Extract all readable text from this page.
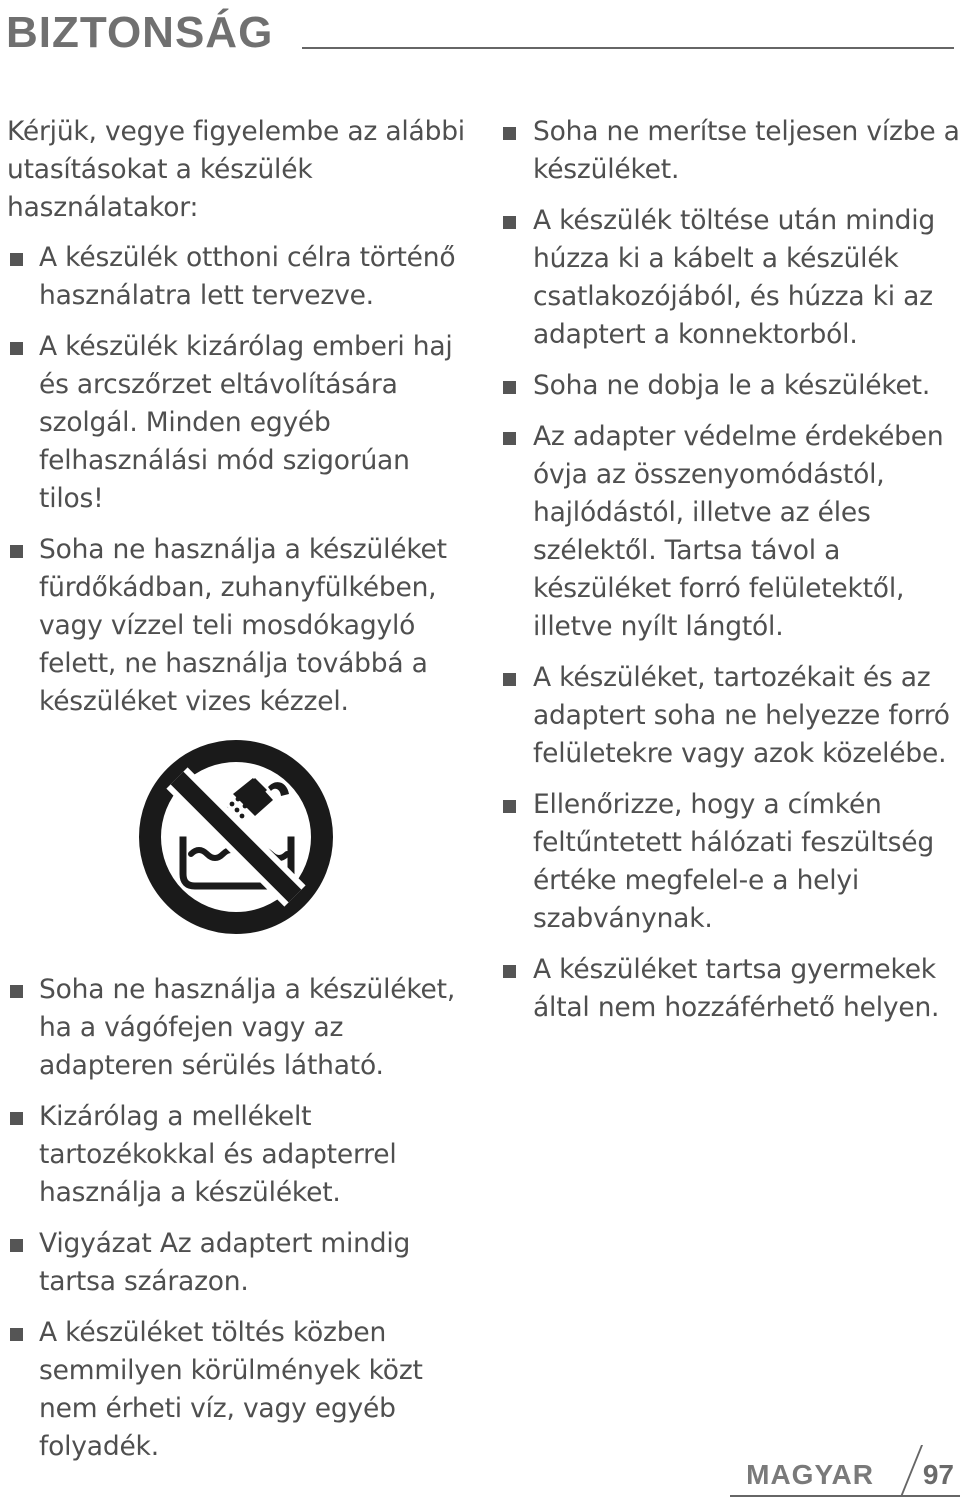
BIZTONSÁG

Kérjük, vegye figyelembe az alábbi utasításokat a készülék használatakor:

A készülék otthoni célra történő használatra lett tervezve.
A készülék kizárólag emberi haj és arcszőrzet eltávolítására szolgál. Minden egyéb felhasználási mód szigorúan tilos!
Soha ne használja a készüléket fürdőkádban, zuhanyfülkében, vagy vízzel teli mosdókagyló felett, ne használja továbbá a készüléket vizes kézzel.
Soha ne használja a készüléket, ha a vágófejen vagy az adapteren sérülés látható.
Kizárólag a mellékelt tartozékokkal és adapterrel használja a készüléket.
Vigyázat Az adaptert mindig tartsa szárazon.
A készüléket töltés közben semmilyen körülmények közt nem érheti víz, vagy egyéb folyadék.
Soha ne merítse teljesen vízbe a készüléket.
A készülék töltése után mindig húzza ki a kábelt a készülék csatlakozójából, és húzza ki az adaptert a konnektorból.
Soha ne dobja le a készüléket.
Az adapter védelme érdekében óvja az összenyomódástól, hajlódástól, illetve az éles szélektől. Tartsa távol a készüléket forró felületektől, illetve nyílt lángtól.
A készüléket, tartozékait és az adaptert soha ne helyezze forró felületekre vagy azok közelébe.
Ellenőrizze, hogy a címkén feltűntetett hálózati feszültség értéke megfelel-e a helyi szabványnak.
A készüléket tartsa gyermekek által nem hozzáférhető helyen.
MAGYAR 97
